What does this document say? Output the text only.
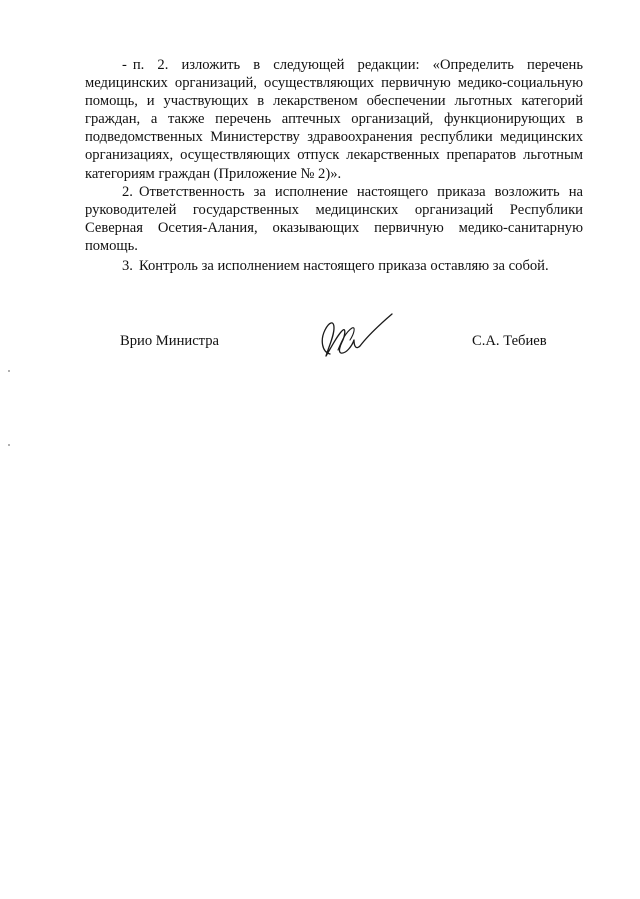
- п. 2. изложить в следующей редакции: «Определить перечень медицинских организаций, осуществляющих первичную медико-социальную помощь, и участвующих в лекарственом обеспечении льготных категорий граждан, а также перечень аптечных организаций, функционирующих в подведомственных Министерству здравоохранения республики медицинских организациях, осуществляющих отпуск лекарственных препаратов льготным категориям граждан (Приложение № 2)».

2. Ответственность за исполнение настоящего приказа возложить на руководителей государственных медицинских организаций Республики Северная Осетия-Алания, оказывающих первичную медико-санитарную помощь.

3. Контроль за исполнением настоящего приказа оставляю за собой.

Врио Министра	С.А. Тебиев
